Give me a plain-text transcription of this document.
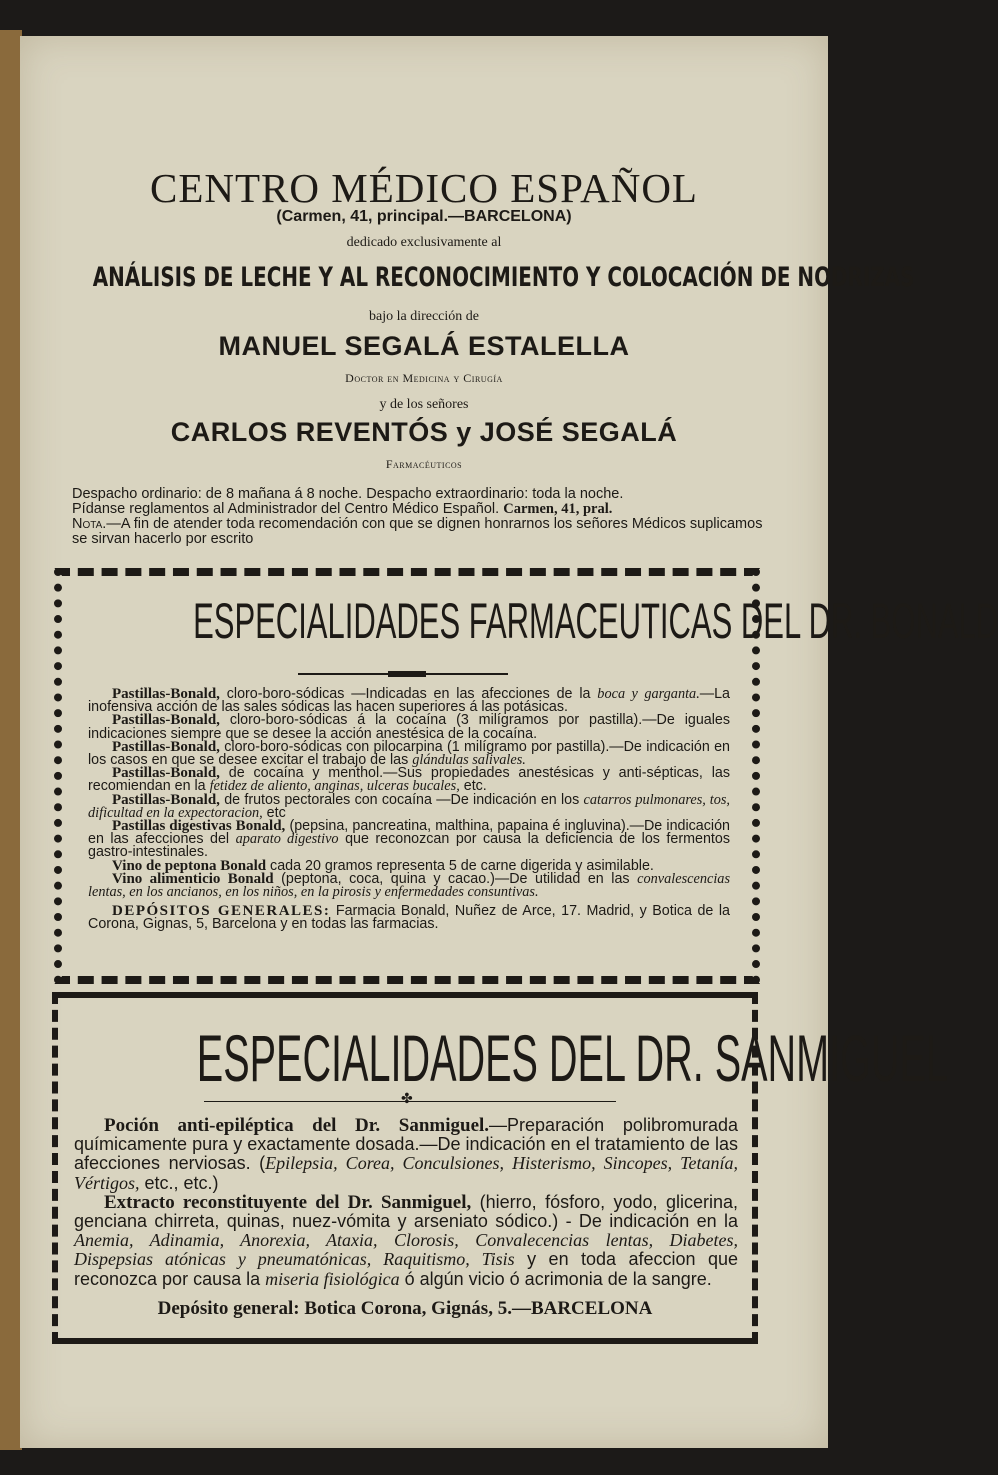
CENTRO MÉDICO ESPAÑOL
(Carmen, 41, principal.—BARCELONA)
dedicado exclusivamente al
ANÁLISIS DE LECHE Y AL RECONOCIMIENTO Y COLOCACIÓN DE NODRIZAS
bajo la dirección de
MANUEL SEGALÁ ESTALELLA
Doctor en Medicina y Cirugía
y de los señores
CARLOS REVENTÓS y JOSÉ SEGALÁ
Farmacéuticos
Despacho ordinario: de 8 mañana á 8 noche. Despacho extraordinario: toda la noche.
Pídanse reglamentos al Administrador del Centro Médico Español. Carmen, 41, pral.
Nota.—A fin de atender toda recomendación con que se dignen honrarnos los señores Médicos suplicamos se sirvan hacerlo por escrito
ESPECIALIDADES FARMACEUTICAS DEL DR. BONALD

Pastillas-Bonald, cloro-boro-sódicas —Indicadas en las afecciones de la boca y garganta.—La inofensiva acción de las sales sódicas las hacen superiores á las potásicas.

Pastillas-Bonald, cloro-boro-sódicas á la cocaína (3 milígramos por pastilla).—De iguales indicaciones siempre que se desee la acción anestésica de la cocaína.

Pastillas-Bonald, cloro-boro-sódicas con pilocarpina (1 milígramo por pastilla).—De indicación en los casos en que se desee excitar el trabajo de las glándulas salivales.

Pastillas-Bonald, de cocaína y menthol.—Sus propiedades anestésicas y anti-sépticas, las recomiendan en la fetidez de aliento, anginas, ulceras bucales, etc.

Pastillas-Bonald, de frutos pectorales con cocaína —De indicación en los catarros pulmonares, tos, dificultad en la expectoracion, etc

Pastillas digestivas Bonald, (pepsina, pancreatina, malthina, papaina é ingluvina).—De indicación en las afecciones del aparato digestivo que reconozcan por causa la deficiencia de los fermentos gastro-intestinales.

Vino de peptona Bonald cada 20 gramos representa 5 de carne digerida y asimilable.

Vino alimenticio Bonald (peptona, coca, quina y cacao.)—De utilidad en las convalescencias lentas, en los ancianos, en los niños, en la pirosis y enfermedades consuntivas.

DEPÓSITOS GENERALES: Farmacia Bonald, Nuñez de Arce, 17. Madrid, y Botica de la Corona, Gignas, 5, Barcelona y en todas las farmacias.

ESPECIALIDADES DEL DR. SANMIGUEL
✤

Poción anti-epiléptica del Dr. Sanmiguel.—Preparación polibromurada químicamente pura y exactamente dosada.—De indicación en el tratamiento de las afecciones nerviosas. (Epilepsia, Corea, Conculsiones, Histerismo, Sincopes, Tetanía, Vértigos, etc., etc.)

Extracto reconstituyente del Dr. Sanmiguel, (hierro, fósforo, yodo, glicerina, genciana chirreta, quinas, nuez-vómita y arseniato sódico.) - De indicación en la Anemia, Adinamia, Anorexia, Ataxia, Clorosis, Convalecencias lentas, Diabetes, Dispepsias atónicas y pneumatónicas, Raquitismo, Tisis y en toda afeccion que reconozca por causa la miseria fisiológica ó algún vicio ó acrimonia de la sangre.

Depósito general: Botica Corona, Gignás, 5.—BARCELONA
